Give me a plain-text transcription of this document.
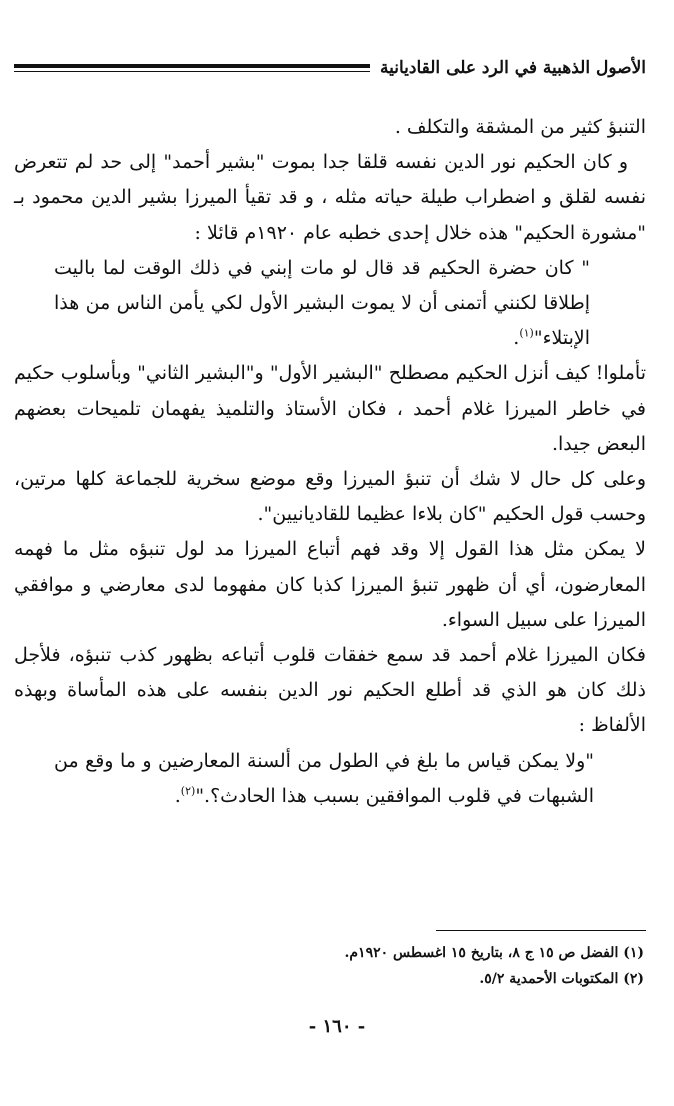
الأصول الذهبية في الرد على القاديانية

التنبؤ كثير من المشقة والتكلف .

و كان الحكيم نور الدين نفسه قلقا جدا بموت "بشير أحمد" إلى حد لم تتعرض نفسه لقلق و اضطراب طيلة حياته مثله ، و قد تقيأ الميرزا بشير الدين محمود بـ "مشورة الحكيم" هذه خلال إحدى خطبه عام ١٩٢٠م قائلا :

" كان حضرة الحكيم قد قال لو مات إبني في ذلك الوقت لما باليت إطلاقا لكنني أتمنى أن لا يموت البشير الأول لكي يأمن الناس من هذا الإبتلاء"$^{(١)}$.

تأملوا! كيف أنزل الحكيم مصطلح "البشير الأول" و"البشير الثاني" وبأسلوب حكيم في خاطر الميرزا غلام أحمد ، فكان الأستاذ والتلميذ يفهمان تلميحات بعضهم البعض جيدا.

وعلى كل حال لا شك أن تنبؤ الميرزا وقع موضع سخرية للجماعة كلها مرتين، وحسب قول الحكيم "كان بلاءا عظيما للقاديانيين".

لا يمكن مثل هذا القول إلا وقد فهم أتباع الميرزا مد لول تنبؤه مثل ما فهمه المعارضون، أي أن ظهور تنبؤ الميرزا كذبا كان مفهوما لدى معارضي و موافقي الميرزا على سبيل السواء.

فكان الميرزا غلام أحمد قد سمع خفقات قلوب أتباعه بظهور كذب تنبؤه، فلأجل ذلك كان هو الذي قد أطلع الحكيم نور الدين بنفسه على هذه المأساة وبهذه الألفاظ :

"ولا يمكن قياس ما بلغ في الطول من ألسنة المعارضين و ما وقع من الشبهات في قلوب الموافقين بسبب هذا الحادث؟."$^{(٢)}$.

(١) الفضل ص ١٥ ج ٨، بتاريخ ١٥ اغسطس ١٩٢٠م.

(٢) المكتوبات الأحمدية ٥/٢.

- ١٦٠ -
